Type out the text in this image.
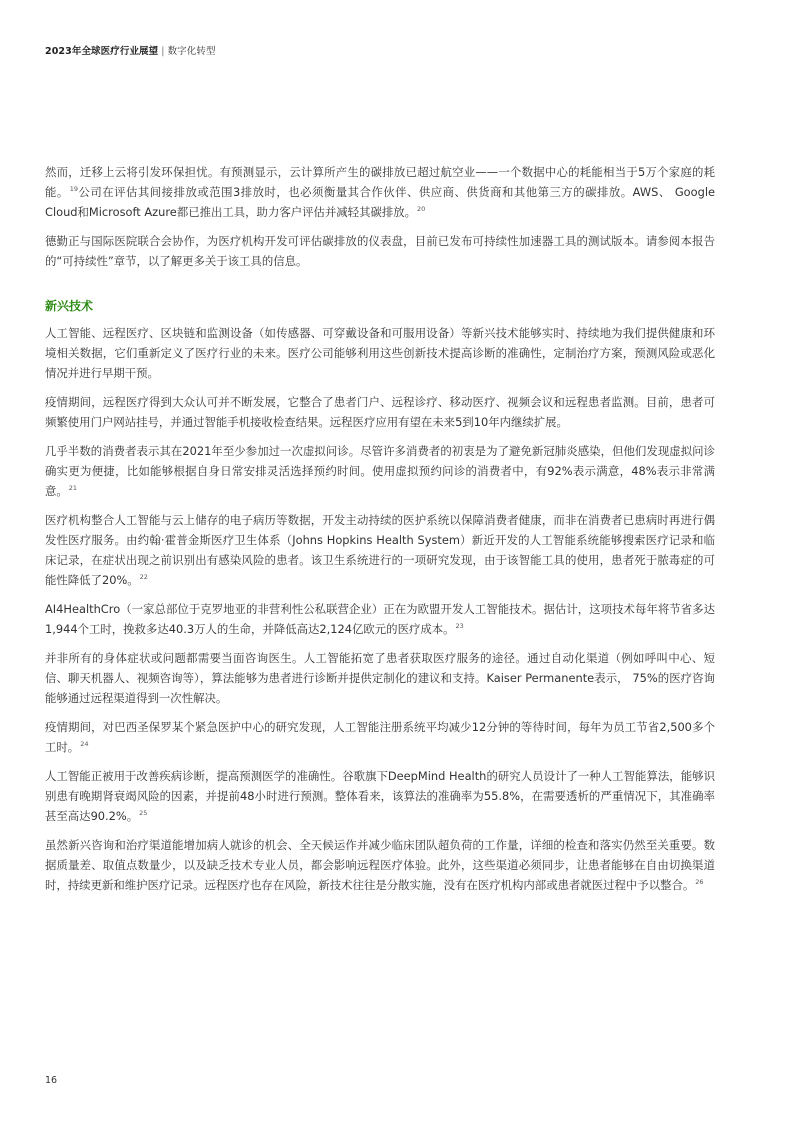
2023年全球医疗行业展望 | 数字化转型

然而，迁移上云将引发环保担忧。有预测显示，云计算所产生的碳排放已超过航空业——一个数据中心的耗能相当于5万个家庭的耗能。$^{19}$公司在评估其间接排放或范围3排放时，也必须衡量其合作伙伴、供应商、供货商和其他第三方的碳排放。AWS、 Google Cloud和Microsoft Azure都已推出工具，助力客户评估并减轻其碳排放。$^{20}$

德勤正与国际医院联合会协作，为医疗机构开发可评估碳排放的仪表盘，目前已发布可持续性加速器工具的测试版本。请参阅本报告的“可持续性”章节，以了解更多关于该工具的信息。

新兴技术

人工智能、远程医疗、区块链和监测设备（如传感器、可穿戴设备和可服用设备）等新兴技术能够实时、持续地为我们提供健康和环境相关数据，它们重新定义了医疗行业的未来。医疗公司能够利用这些创新技术提高诊断的准确性，定制治疗方案，预测风险或恶化情况并进行早期干预。

疫情期间，远程医疗得到大众认可并不断发展，它整合了患者门户、远程诊疗、移动医疗、视频会议和远程患者监测。目前，患者可频繁使用门户网站挂号，并通过智能手机接收检查结果。远程医疗应用有望在未来5到10年内继续扩展。

几乎半数的消费者表示其在2021年至少参加过一次虚拟问诊。尽管许多消费者的初衷是为了避免新冠肺炎感染，但他们发现虚拟问诊确实更为便捷，比如能够根据自身日常安排灵活选择预约时间。使用虚拟预约问诊的消费者中，有92%表示满意，48%表示非常满意。$^{21}$

医疗机构整合人工智能与云上储存的电子病历等数据，开发主动持续的医护系统以保障消费者健康，而非在消费者已患病时再进行偶发性医疗服务。由约翰·霍普金斯医疗卫生体系（Johns Hopkins Health System）新近开发的人工智能系统能够搜索医疗记录和临床记录，在症状出现之前识别出有感染风险的患者。该卫生系统进行的一项研究发现，由于该智能工具的使用，患者死于脓毒症的可能性降低了20%。$^{22}$

AI4HealthCro（一家总部位于克罗地亚的非营利性公私联营企业）正在为欧盟开发人工智能技术。据估计，这项技术每年将节省多达1,944个工时，挽救多达40.3万人的生命，并降低高达2,124亿欧元的医疗成本。$^{23}$

并非所有的身体症状或问题都需要当面咨询医生。人工智能拓宽了患者获取医疗服务的途径。通过自动化渠道（例如呼叫中心、短信、聊天机器人、视频咨询等），算法能够为患者进行诊断并提供定制化的建议和支持。Kaiser Permanente表示， 75%的医疗咨询能够通过远程渠道得到一次性解决。

疫情期间，对巴西圣保罗某个紧急医护中心的研究发现，人工智能注册系统平均减少12分钟的等待时间，每年为员工节省2,500多个工时。$^{24}$

人工智能正被用于改善疾病诊断，提高预测医学的准确性。谷歌旗下DeepMind Health的研究人员设计了一种人工智能算法，能够识别患有晚期肾衰竭风险的因素，并提前48小时进行预测。整体看来，该算法的准确率为55.8%，在需要透析的严重情况下，其准确率甚至高达90.2%。$^{25}$

虽然新兴咨询和治疗渠道能增加病人就诊的机会、全天候运作并减少临床团队超负荷的工作量，详细的检查和落实仍然至关重要。数据质量差、取值点数量少，以及缺乏技术专业人员，都会影响远程医疗体验。此外，这些渠道必须同步，让患者能够在自由切换渠道时，持续更新和维护医疗记录。远程医疗也存在风险，新技术往往是分散实施，没有在医疗机构内部或患者就医过程中予以整合。$^{26}$

16
